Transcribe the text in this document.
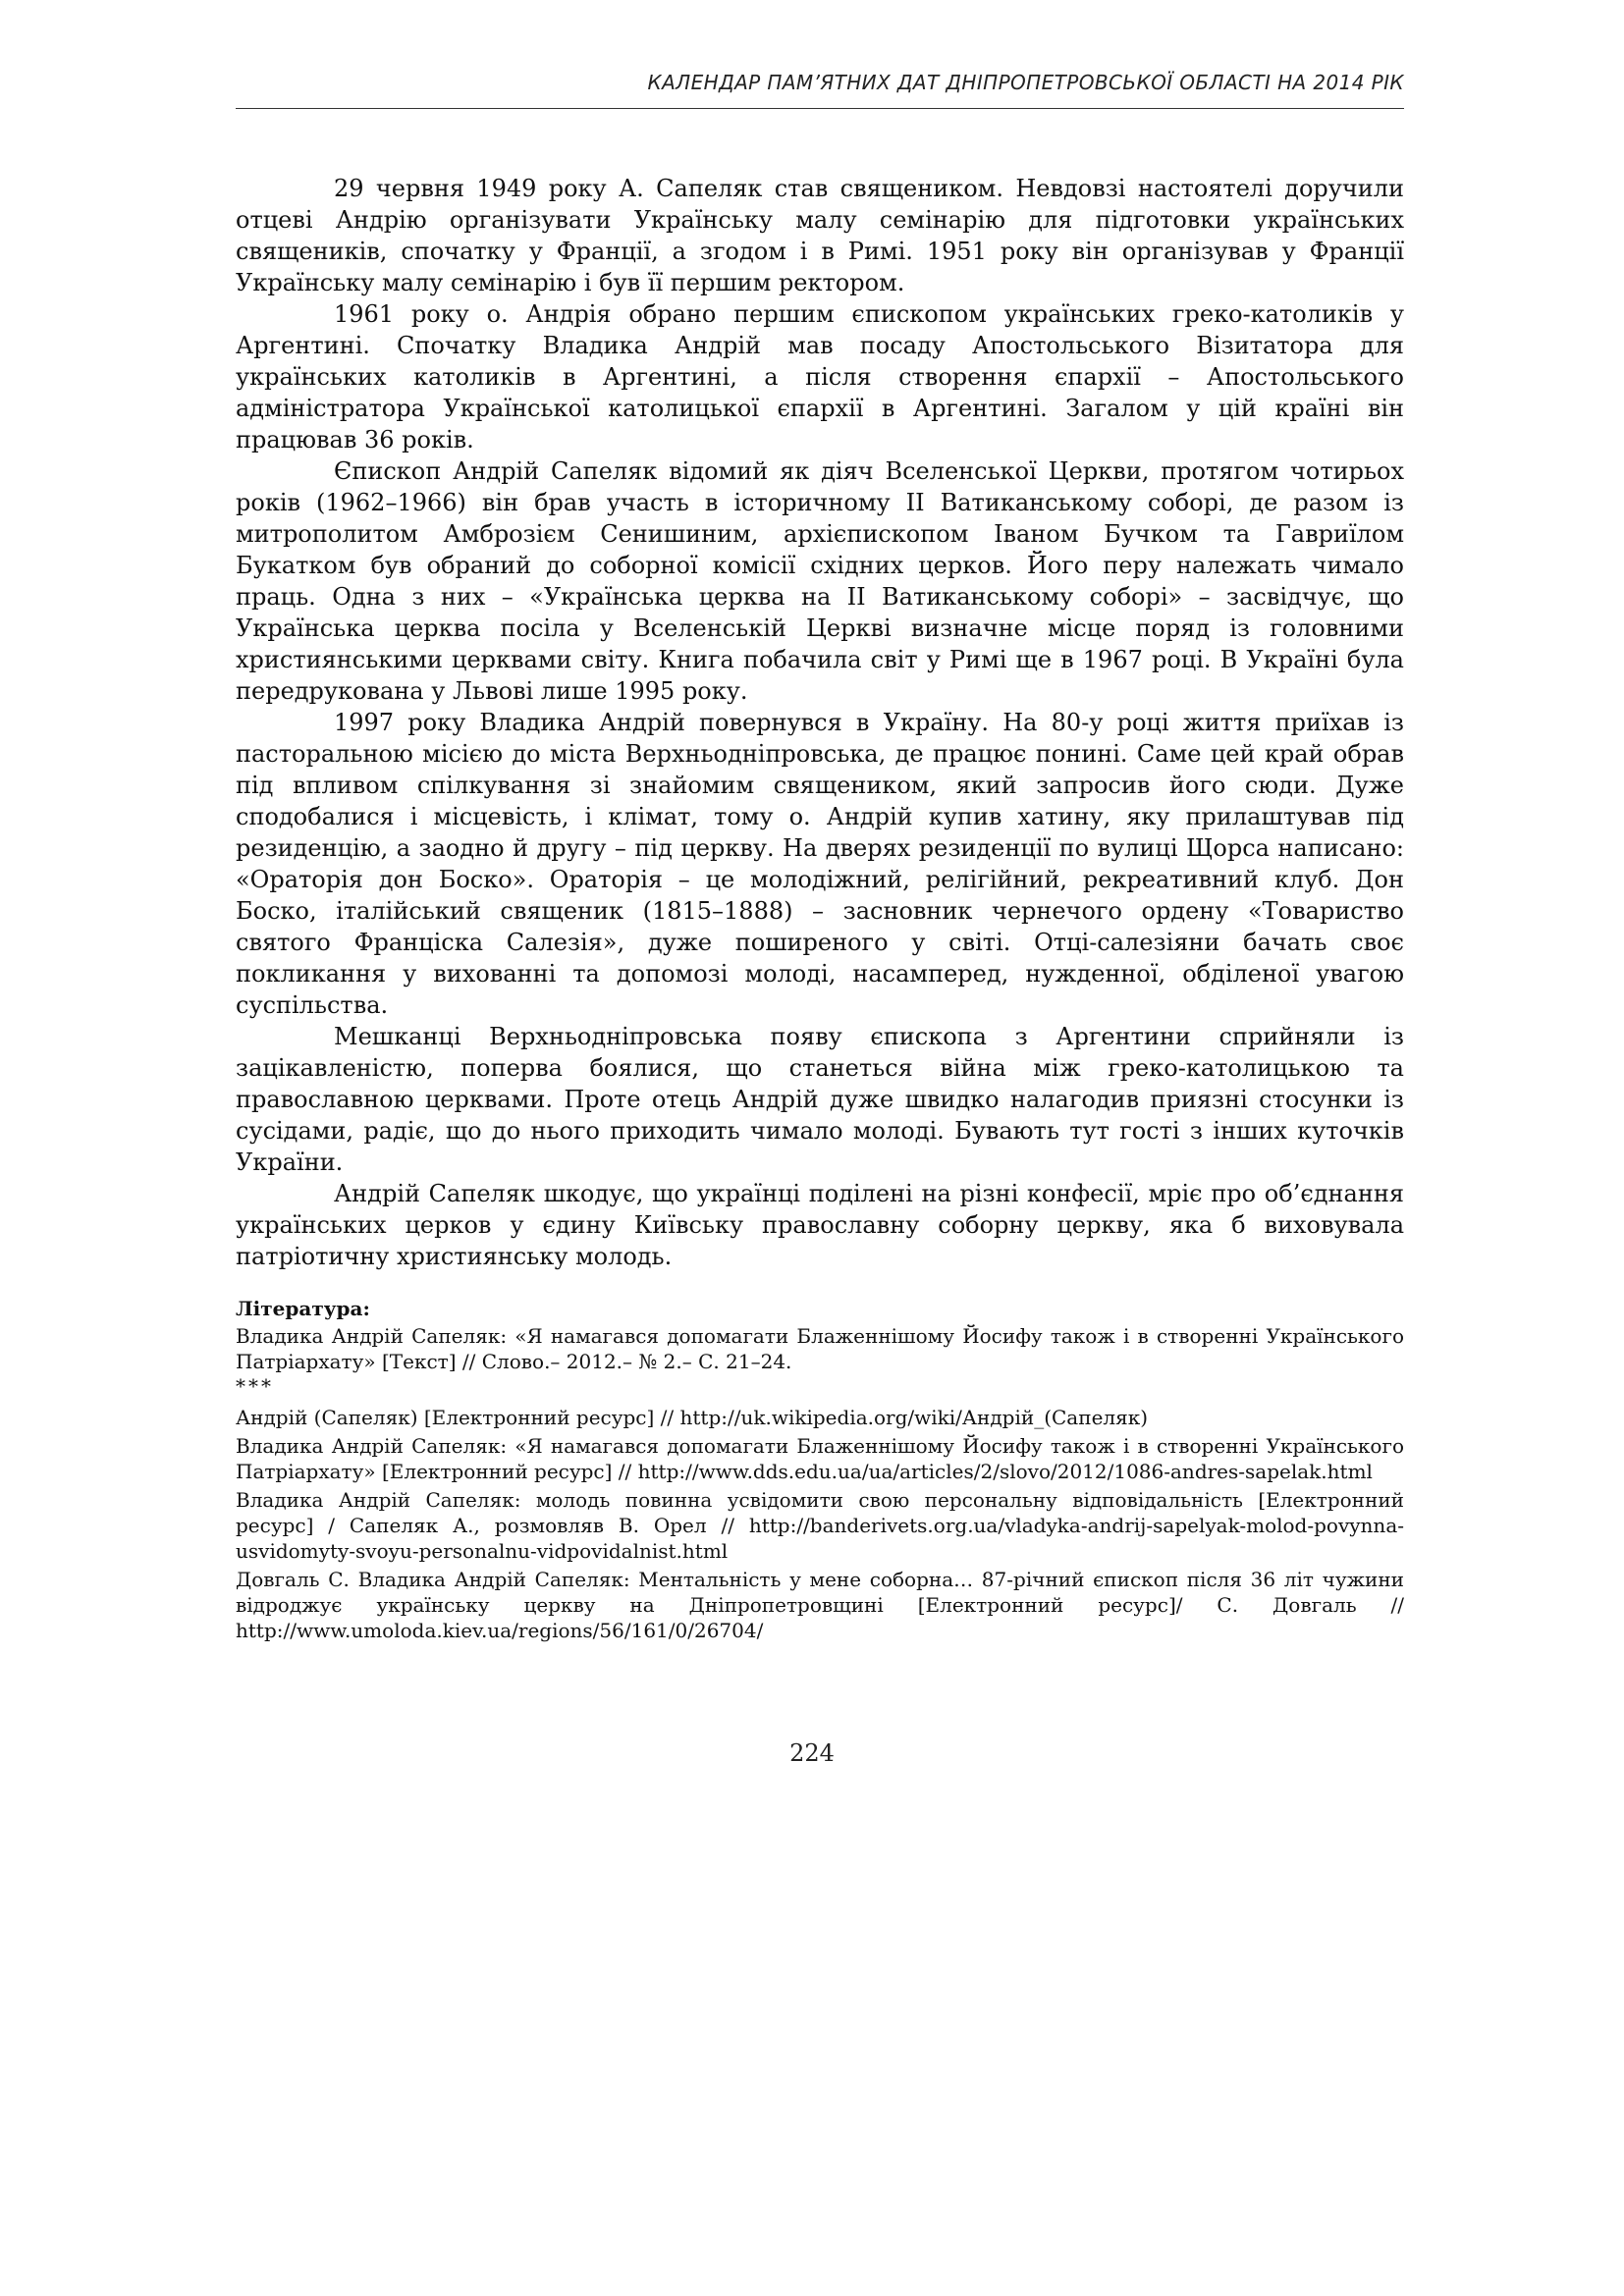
КАЛЕНДАР ПАМ’ЯТНИХ ДАТ ДНІПРОПЕТРОВСЬКОЇ ОБЛАСТІ НА 2014 РІК

29 червня 1949 року А. Сапеляк став священиком. Невдовзі настоятелі доручили отцеві Андрію організувати Українську малу семінарію для підготовки українських священиків, спочатку у Франції, а згодом і в Римі. 1951 року він організував у Франції Українську малу семінарію і був її першим ректором.

1961 року о. Андрія обрано першим єпископом українських греко-католиків у Аргентині. Спочатку Владика Андрій мав посаду Апостольського Візитатора для українських католиків в Аргентині, а після створення єпархії – Апостольського адміністратора Української католицької єпархії в Аргентині. Загалом у цій країні він працював 36 років.

Єпископ Андрій Сапеляк відомий як діяч Вселенської Церкви, протягом чотирьох років (1962–1966) він брав участь в історичному II Ватиканському соборі, де разом із митрополитом Амброзієм Сенишиним, архієпископом Іваном Бучком та Гавриїлом Букатком був обраний до соборної комісії східних церков. Його перу належать чимало праць. Одна з них – «Українська церква на II Ватиканському соборі» – засвідчує, що Українська церква посіла у Вселенській Церкві визначне місце поряд із головними християнськими церквами світу. Книга побачила світ у Римі ще в 1967 році. В Україні була передрукована у Львові лише 1995 року.

1997 року Владика Андрій повернувся в Україну. На 80-у році життя приїхав із пасторальною місією до міста Верхньодніпровська, де працює понині. Саме цей край обрав під впливом спілкування зі знайомим священиком, який запросив його сюди. Дуже сподобалися і місцевість, і клімат, тому о. Андрій купив хатину, яку прилаштував під резиденцію, а заодно й другу – під церкву. На дверях резиденції по вулиці Щорса написано: «Ораторія дон Боско». Ораторія – це молодіжний, релігійний, рекреативний клуб. Дон Боско, італійський священик (1815–1888) – засновник чернечого ордену «Товариство святого Франціска Салезія», дуже поширеного у світі. Отці-салезіяни бачать своє покликання у вихованні та допомозі молоді, насамперед, нужденної, обділеної увагою суспільства.

Мешканці Верхньодніпровська появу єпископа з Аргентини сприйняли із зацікавленістю, поперва боялися, що станеться війна між греко-католицькою та православною церквами. Проте отець Андрій дуже швидко налагодив приязні стосунки із сусідами, радіє, що до нього приходить чимало молоді. Бувають тут гості з інших куточків України.

Андрій Сапеляк шкодує, що українці поділені на різні конфесії, мріє про об’єднання українських церков у єдину Київську православну соборну церкву, яка б виховувала патріотичну християнську молодь.

Література:

Владика Андрій Сапеляк: «Я намагався допомагати Блаженнішому Йосифу також і в створенні Українського Патріархату» [Текст] // Слово.– 2012.– № 2.– С. 21–24.

***

Андрій (Сапеляк) [Електронний ресурс] // http://uk.wikipedia.org/wiki/Андрій_(Сапеляк)

Владика Андрій Сапеляк: «Я намагався допомагати Блаженнішому Йосифу також і в створенні Українського Патріархату» [Електронний ресурс] // http://www.dds.edu.ua/ua/articles/2/slovo/2012/1086-andres-sapelak.html

Владика Андрій Сапеляк: молодь повинна усвідомити свою персональну відповідальність [Електронний ресурс] / Сапеляк А., розмовляв В. Орел // http://banderivets.org.ua/vladyka-andrij-sapelyak-molod-povynna-usvidomyty-svoyu-personalnu-vidpovidalnist.html

Довгаль С. Владика Андрій Сапеляк: Ментальність у мене соборна… 87-річний єпископ після 36 літ чужини відроджує українську церкву на Дніпропетровщині [Електронний ресурс]/ С. Довгаль // http://www.umoloda.kiev.ua/regions/56/161/0/26704/

224
